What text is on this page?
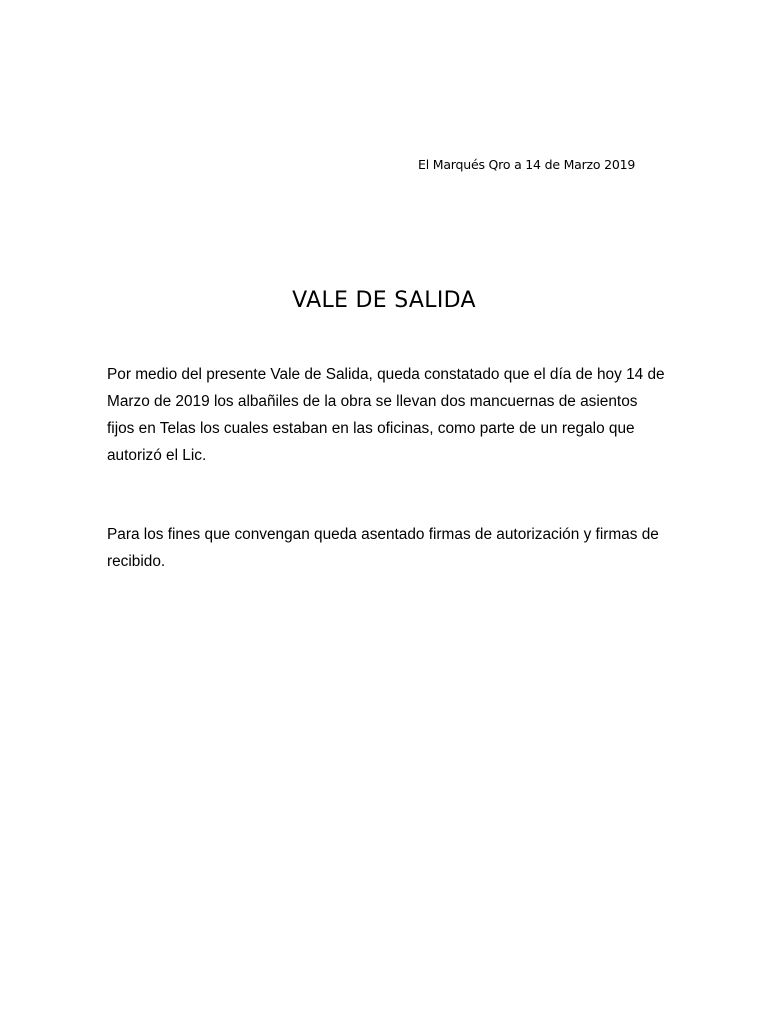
El Marqués Qro a 14 de Marzo 2019

VALE DE SALIDA

Por medio del presente Vale de Salida, queda constatado que el día de hoy 14 de Marzo de 2019 los albañiles de la obra se llevan dos mancuernas de asientos fijos en Telas los cuales estaban en las oficinas, como parte de un regalo que autorizó el Lic.

Para los fines que convengan queda asentado firmas de autorización y firmas de recibido.
